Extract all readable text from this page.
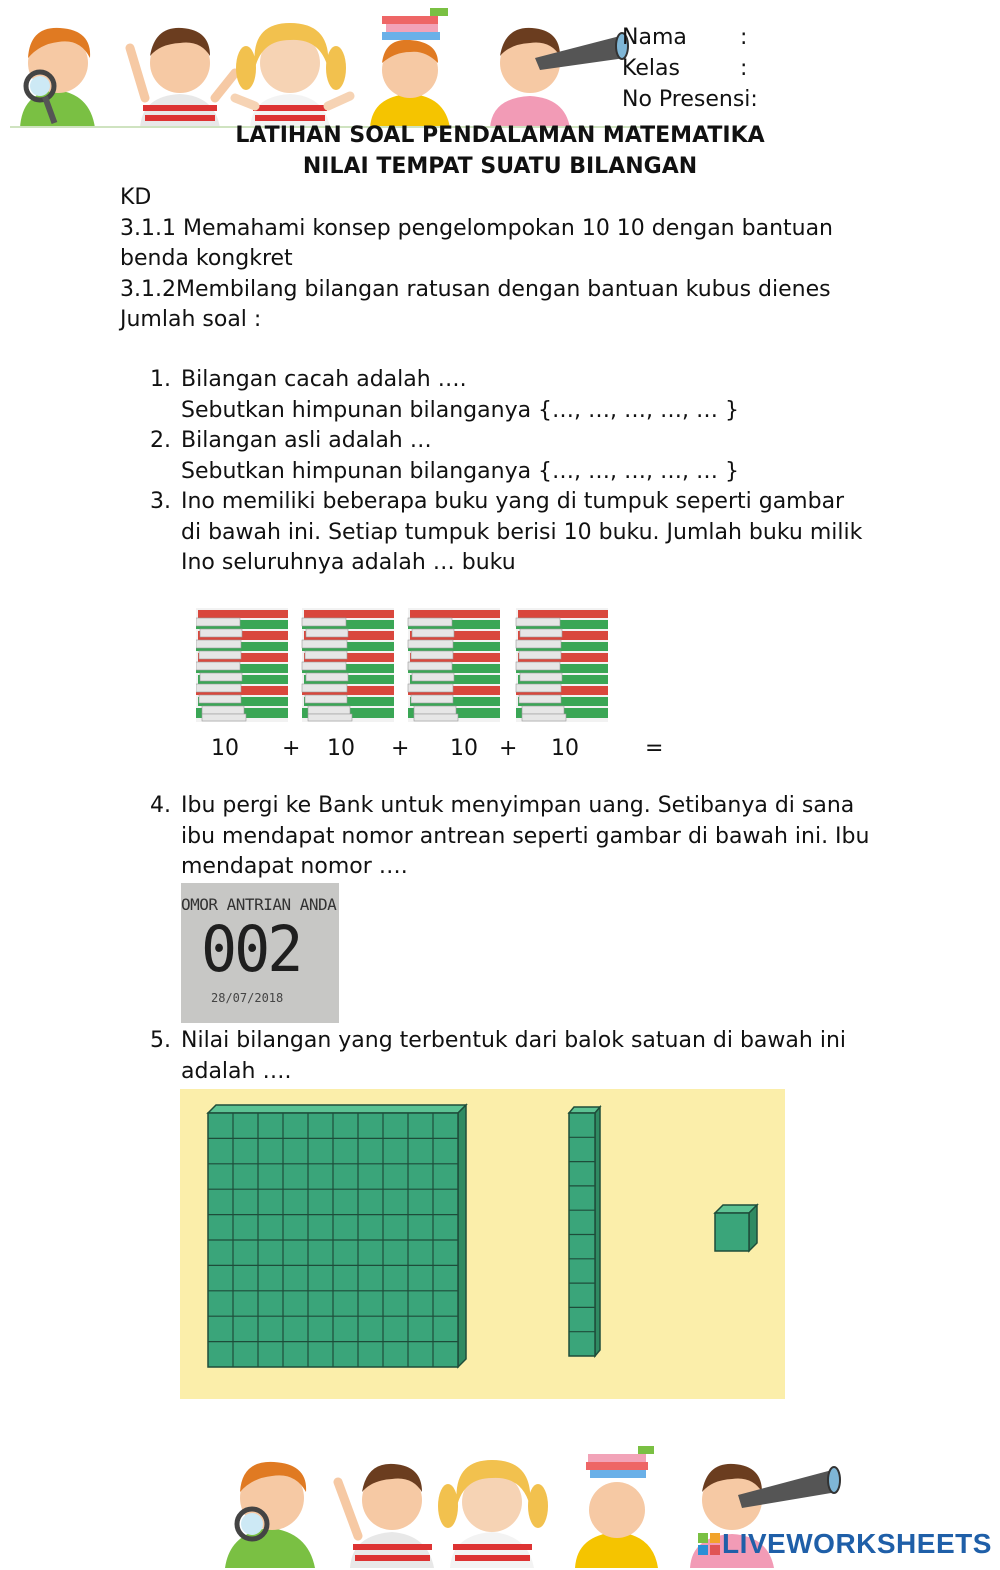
Nama	:
Kelas	:
No Presensi:
LATIHAN SOAL PENDALAMAN MATEMATIKA
NILAI TEMPAT SUATU BILANGAN

KD

3.1.1 Memahami konsep pengelompokan 10 10 dengan bantuan benda kongkret

3.1.2Membilang bilangan ratusan dengan bantuan kubus dienes

Jumlah soal :

1. Bilangan cacah adalah ….
Sebutkan himpunan bilanganya {…, …, …, …, … }
2. Bilangan asli adalah …
Sebutkan himpunan bilanganya {…, …, …, …, … }
3. Ino memiliki beberapa buku yang di tumpuk seperti gambar di bawah ini. Setiap tumpuk berisi 10 buku. Jumlah buku milik Ino seluruhnya adalah … buku
10 + 10 + 10 + 10	=
4. Ibu pergi ke Bank untuk menyimpan uang. Setibanya di sana ibu mendapat nomor antrean seperti gambar di bawah ini. Ibu mendapat nomor ….
OMOR ANTRIAN ANDA
002
28/07/2018
5. Nilai bilangan yang terbentuk dari balok satuan di bawah ini adalah ….
LIVEWORKSHEETS
